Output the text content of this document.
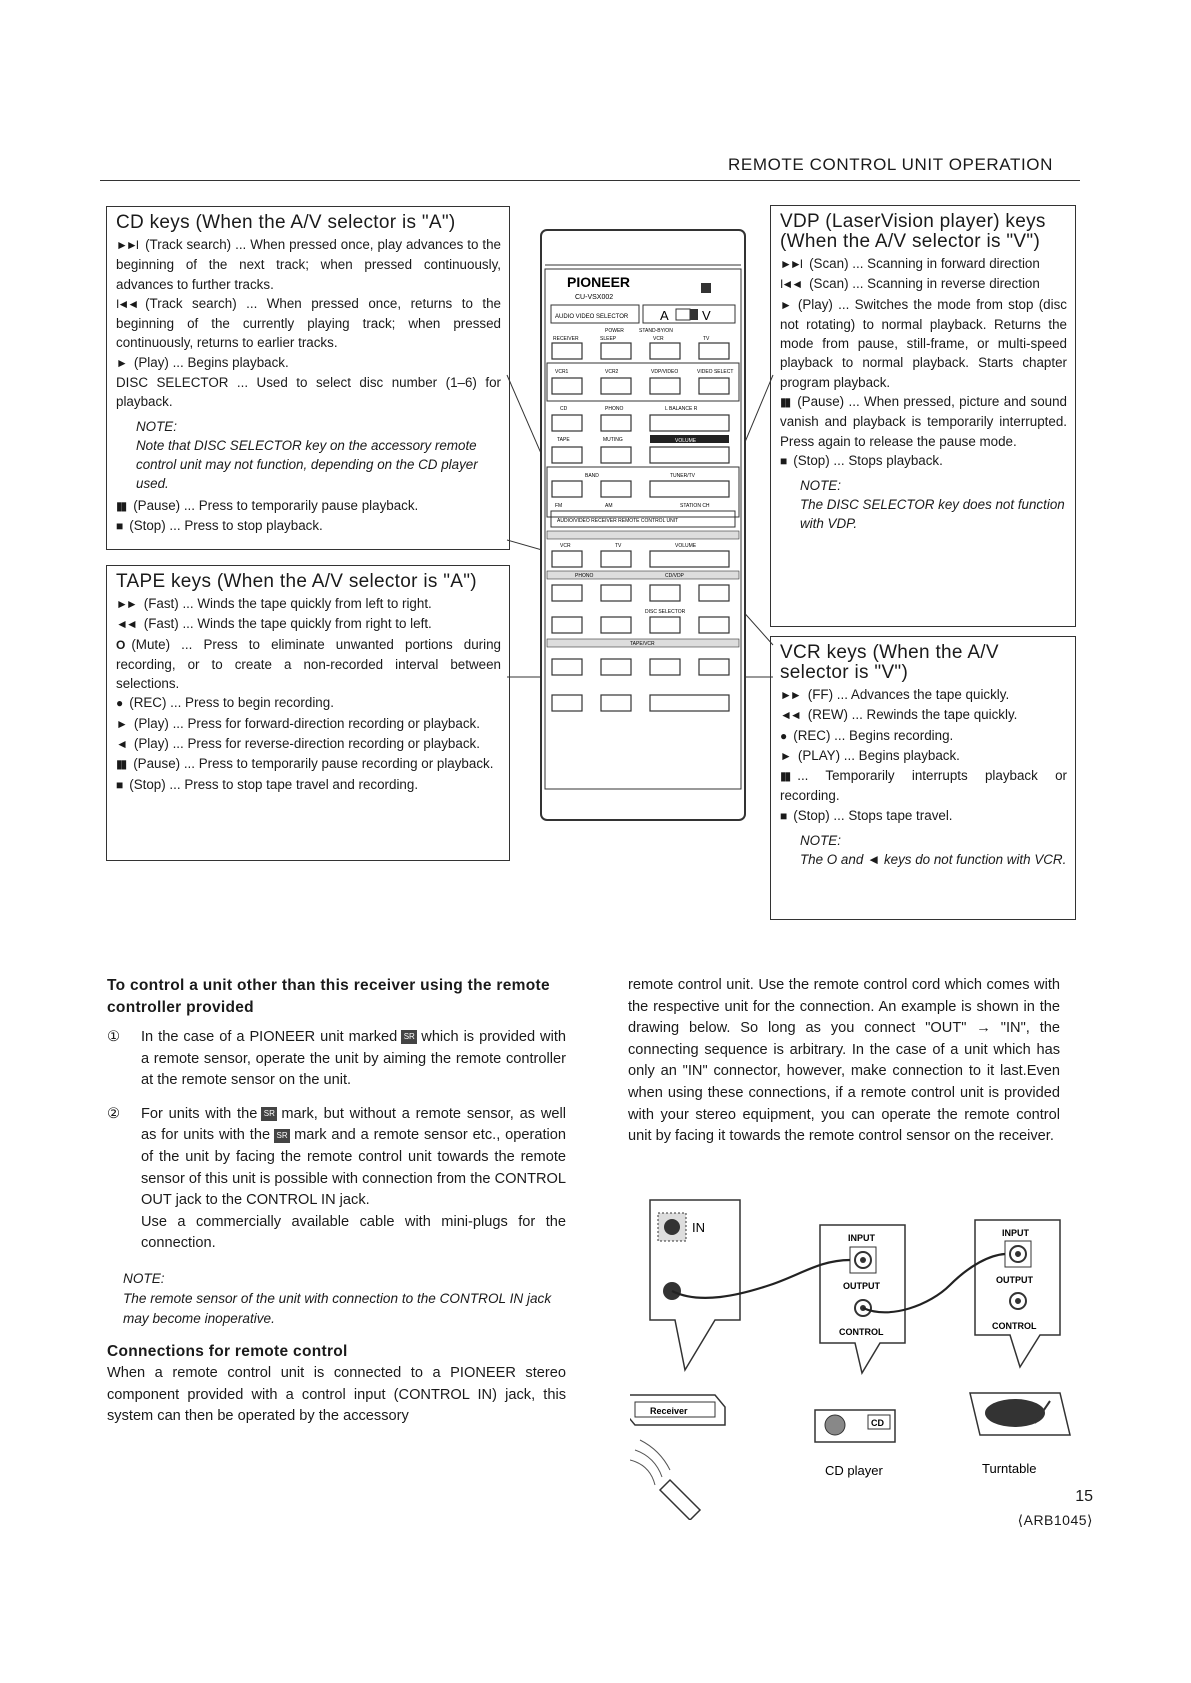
REMOTE CONTROL UNIT OPERATION
CD keys (When the A/V selector is "A")

►►I (Track search) ... When pressed once, play advances to the beginning of the next track; when pressed continuously, advances to further tracks.

I◄◄ (Track search) ... When pressed once, returns to the beginning of the currently playing track; when pressed continuously, returns to earlier tracks.

► (Play) ... Begins playback.

DISC SELECTOR ... Used to select disc number (1–6) for playback.

NOTE:
Note that DISC SELECTOR key on the accessory remote control unit may not function, depending on the CD player used.

▮▮ (Pause) ... Press to temporarily pause playback.

■ (Stop) ... Press to stop playback.

TAPE keys (When the A/V selector is "A")

►► (Fast) ... Winds the tape quickly from left to right.

◄◄ (Fast) ... Winds the tape quickly from right to left.

O (Mute) ... Press to eliminate unwanted portions during recording, or to create a non-recorded interval between selections.

● (REC) ... Press to begin recording.

► (Play) ... Press for forward-direction recording or playback.

◄ (Play) ... Press for reverse-direction recording or playback.

▮▮ (Pause) ... Press to temporarily pause recording or playback.

■ (Stop) ... Press to stop tape travel and recording.

VDP (LaserVision player) keys (When the A/V selector is "V")

►►I (Scan) ... Scanning in forward direction

I◄◄ (Scan) ... Scanning in reverse direction

► (Play) ... Switches the mode from stop (disc not rotating) to normal playback. Returns the mode from pause, still-frame, or multi-speed playback to normal playback. Starts chapter program playback.

▮▮ (Pause) ... When pressed, picture and sound vanish and playback is temporarily interrupted. Press again to release the pause mode.

■ (Stop) ... Stops playback.

NOTE:
The DISC SELECTOR key does not function with VDP.
VCR keys (When the A/V selector is "V")

►► (FF) ... Advances the tape quickly.

◄◄ (REW) ... Rewinds the tape quickly.

● (REC) ... Begins recording.

► (PLAY) ... Begins playback.

▮▮ ... Temporarily interrupts playback or recording.

■ (Stop) ... Stops tape travel.

NOTE:
The O and ◄ keys do not function with VCR.
PIONEER
CU-VSX002
AUDIO VIDEO SELECTOR A	V
POWER	STAND-BY/ON
RECEIVER	SLEEP	VCR	TV
VCR1	VCR2	VDP/VIDEO	VIDEO SELECT
CD	PHONO	L BALANCE R
TAPE	MUTING	VOLUME
BAND	TUNER/TV
FM	AM	STATION CH
AUDIO/VIDEO RECEIVER REMOTE CONTROL UNIT
VCR	TV	VOLUME
PHONO	CD/VDP
DISC SELECTOR
TAPE/VCR
To control a unit other than this receiver using the remote controller provided
① In the case of a PIONEER unit marked SR which is provided with a remote sensor, operate the unit by aiming the remote controller at the remote sensor on the unit.

② For units with the SR mark, but without a remote sensor, as well as for units with the SR mark and a remote sensor etc., operation of the unit by facing the remote control unit towards the remote sensor of this unit is possible with connection from the CONTROL OUT jack to the CONTROL IN jack.

Use a commercially available cable with mini-plugs for the connection.

NOTE:
The remote sensor of the unit with connection to the CONTROL IN jack may become inoperative.
Connections for remote control

When a remote control unit is connected to a PIONEER stereo component provided with a control input (CONTROL IN) jack, this system can then be operated by the accessory

remote control unit. Use the remote control cord which comes with the respective unit for the connection. An example is shown in the drawing below. So long as you connect "OUT" → "IN", the connecting sequence is arbitrary. In the case of a unit which has only an "IN" connector, however, make connection to it last.Even when using these connections, if a remote control unit is provided with your stereo equipment, you can operate the remote control unit by facing it towards the remote control sensor on the receiver.

IN
INPUT
OUTPUT
CONTROL
INPUT
OUTPUT
CONTROL
Receiver
CD
CD player	Turntable
15
⟨ARB1045⟩
